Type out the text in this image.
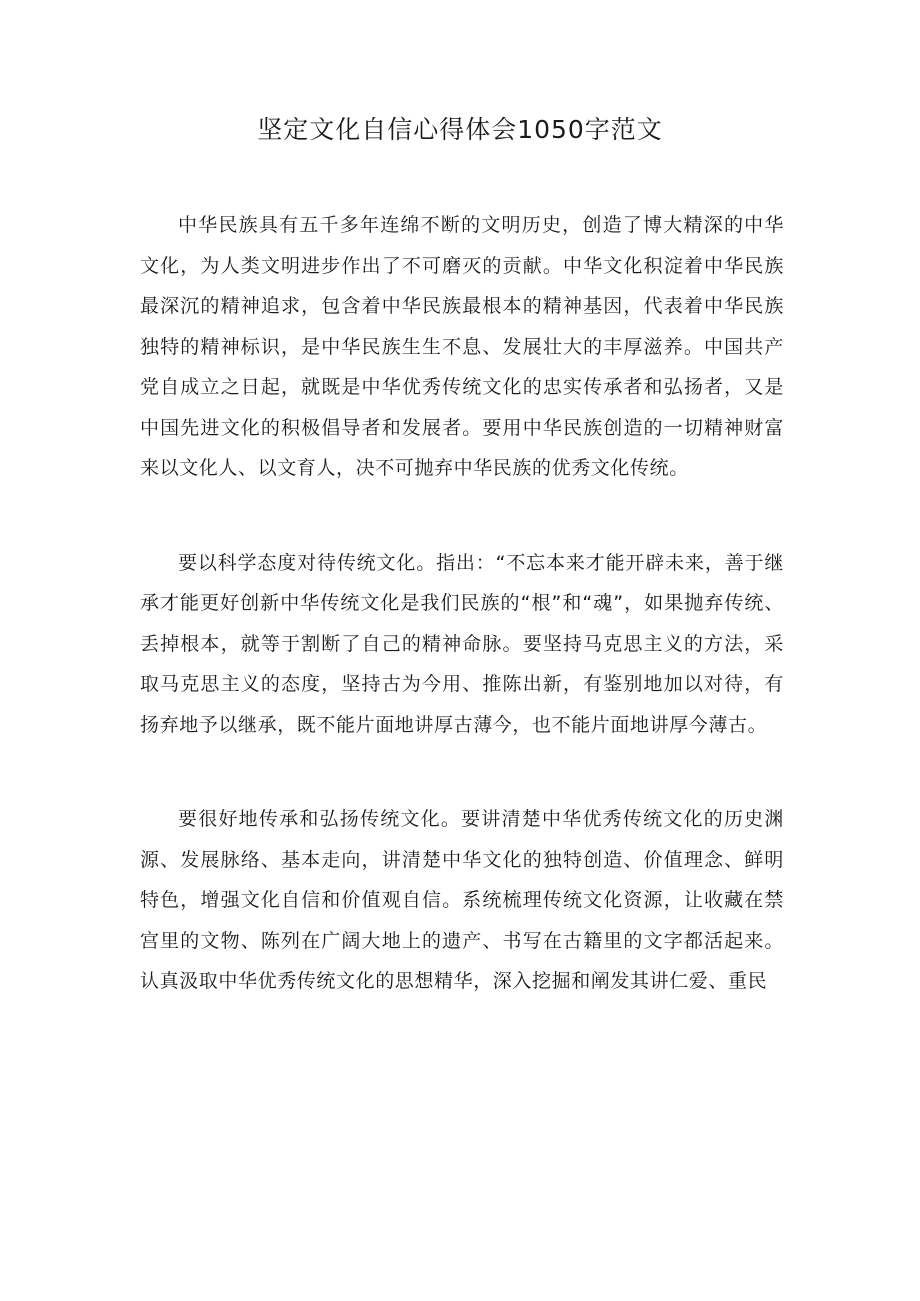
坚定文化自信心得体会1050字范文

中华民族具有五千多年连绵不断的文明历史，创造了博大精深的中华文化，为人类文明进步作出了不可磨灭的贡献。中华文化积淀着中华民族最深沉的精神追求，包含着中华民族最根本的精神基因，代表着中华民族独特的精神标识，是中华民族生生不息、发展壮大的丰厚滋养。中国共产党自成立之日起，就既是中华优秀传统文化的忠实传承者和弘扬者，又是中国先进文化的积极倡导者和发展者。要用中华民族创造的一切精神财富来以文化人、以文育人，决不可抛弃中华民族的优秀文化传统。

要以科学态度对待传统文化。指出：“不忘本来才能开辟未来，善于继承才能更好创新中华传统文化是我们民族的“根”和“魂”，如果抛弃传统、丢掉根本，就等于割断了自己的精神命脉。要坚持马克思主义的方法，采取马克思主义的态度，坚持古为今用、推陈出新，有鉴别地加以对待，有扬弃地予以继承，既不能片面地讲厚古薄今，也不能片面地讲厚今薄古。

要很好地传承和弘扬传统文化。要讲清楚中华优秀传统文化的历史渊源、发展脉络、基本走向，讲清楚中华文化的独特创造、价值理念、鲜明特色，增强文化自信和价值观自信。系统梳理传统文化资源，让收藏在禁宫里的文物、陈列在广阔大地上的遗产、书写在古籍里的文字都活起来。认真汲取中华优秀传统文化的思想精华，深入挖掘和阐发其讲仁爱、重民
